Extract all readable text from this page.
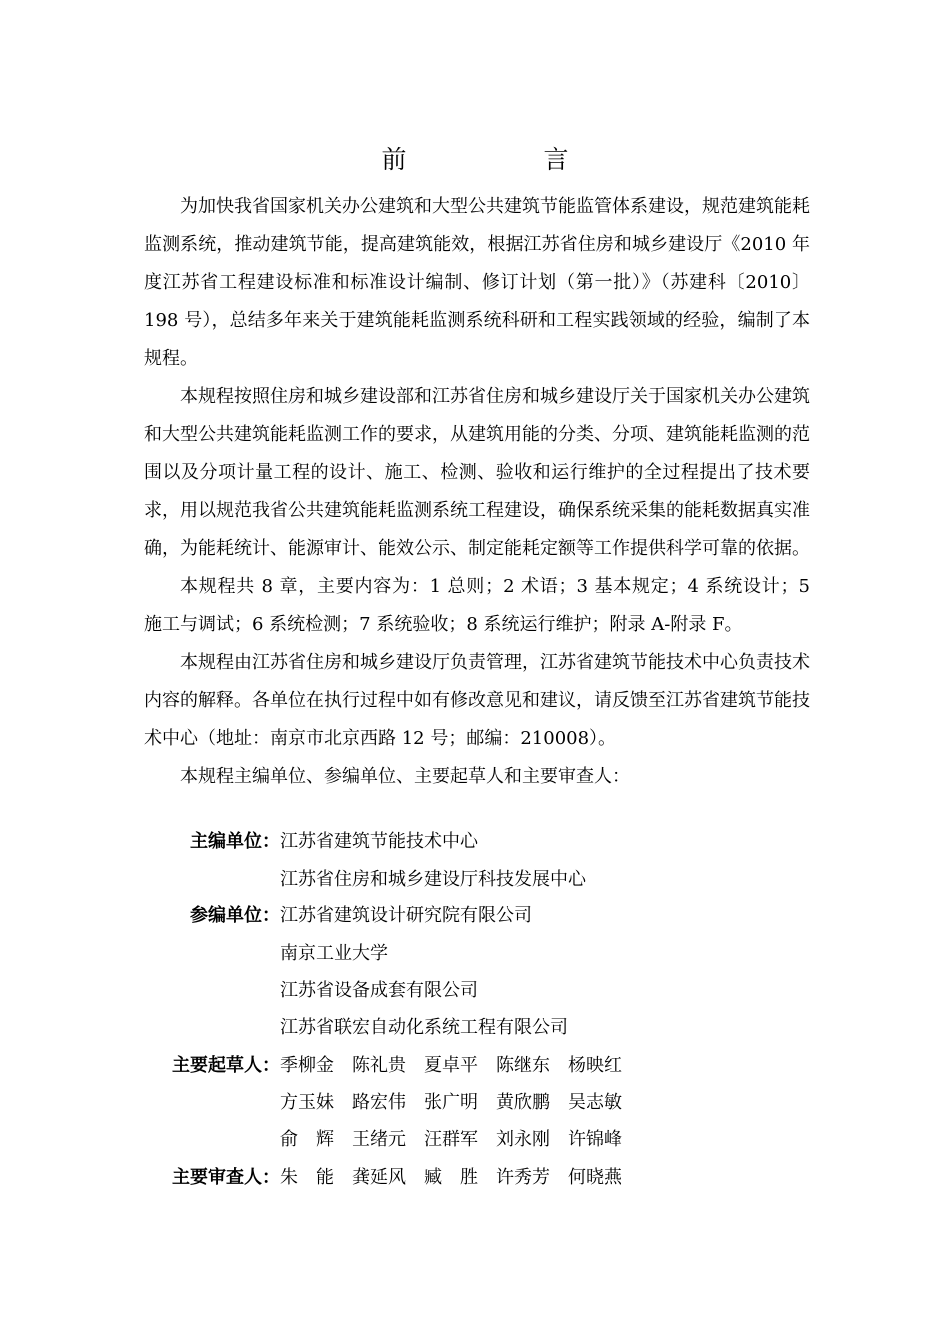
前　言

为加快我省国家机关办公建筑和大型公共建筑节能监管体系建设，规范建筑能耗监测系统，推动建筑节能，提高建筑能效，根据江苏省住房和城乡建设厅《2010 年度江苏省工程建设标准和标准设计编制、修订计划（第一批）》（苏建科〔2010〕198 号），总结多年来关于建筑能耗监测系统科研和工程实践领域的经验，编制了本规程。

本规程按照住房和城乡建设部和江苏省住房和城乡建设厅关于国家机关办公建筑和大型公共建筑能耗监测工作的要求，从建筑用能的分类、分项、建筑能耗监测的范围以及分项计量工程的设计、施工、检测、验收和运行维护的全过程提出了技术要求，用以规范我省公共建筑能耗监测系统工程建设，确保系统采集的能耗数据真实准确，为能耗统计、能源审计、能效公示、制定能耗定额等工作提供科学可靠的依据。

本规程共 8 章，主要内容为：1 总则；2 术语；3 基本规定；4 系统设计；5 施工与调试；6 系统检测；7 系统验收；8 系统运行维护；附录 A-附录 F。

本规程由江苏省住房和城乡建设厅负责管理，江苏省建筑节能技术中心负责技术内容的解释。各单位在执行过程中如有修改意见和建议，请反馈至江苏省建筑节能技术中心（地址：南京市北京西路 12 号；邮编：210008）。

本规程主编单位、参编单位、主要起草人和主要审查人：

主编单位： 江苏省建筑节能技术中心
江苏省住房和城乡建设厅科技发展中心
参编单位： 江苏省建筑设计研究院有限公司
南京工业大学
江苏省设备成套有限公司
江苏省联宏自动化系统工程有限公司
主要起草人： 季柳金　陈礼贵　夏卓平　陈继东　杨映红
方玉妹　路宏伟　张广明　黄欣鹏　吴志敏
俞　辉　王绪元　汪群军　刘永刚　许锦峰
主要审查人： 朱　能　龚延风　臧　胜　许秀芳　何晓燕
